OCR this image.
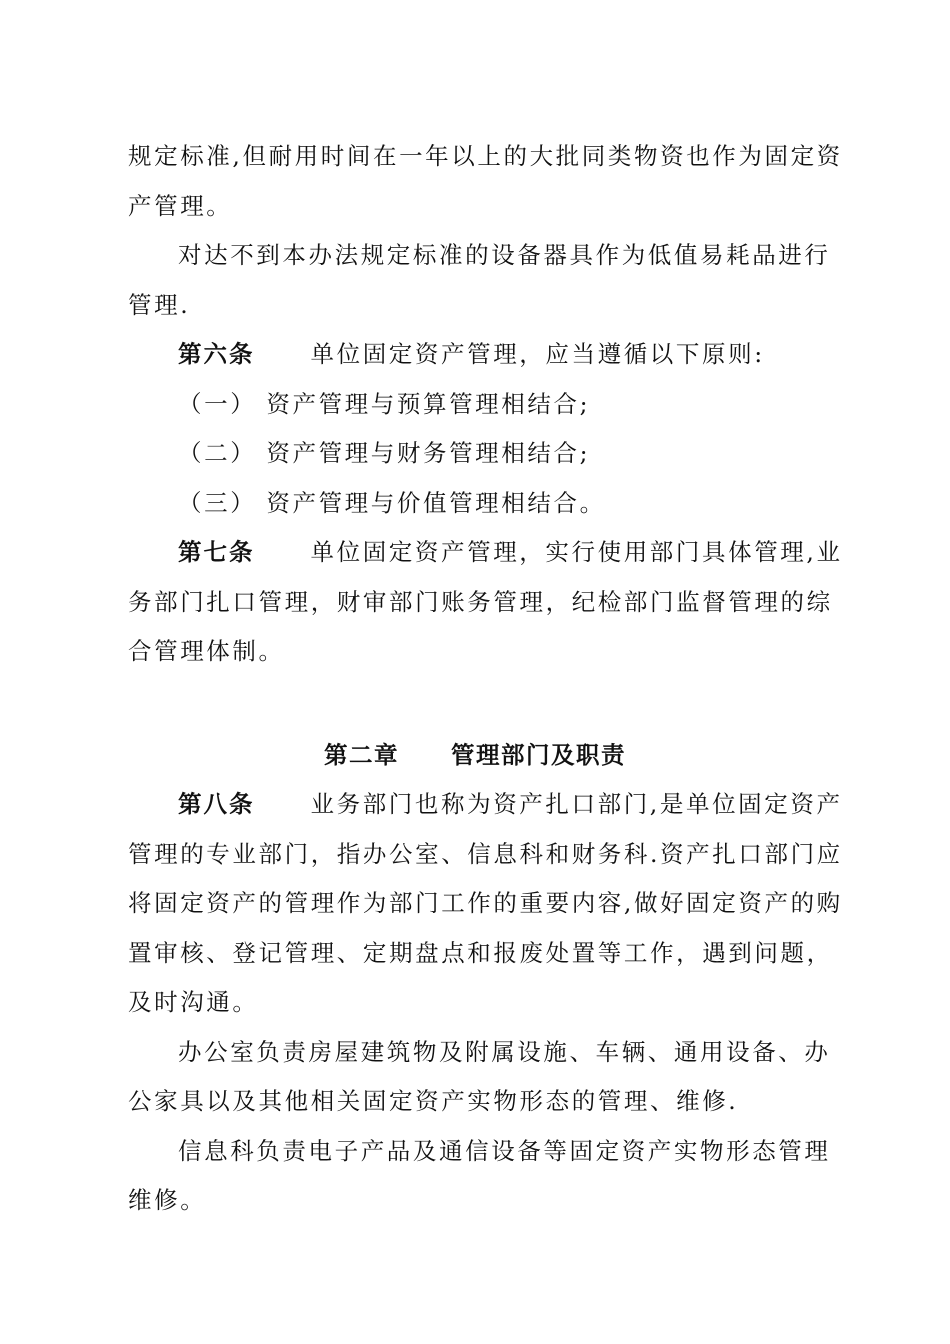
规定标准,但耐用时间在一年以上的大批同类物资也作为固定资
产管理。
对达不到本办法规定标准的设备器具作为低值易耗品进行
管理.
第六条 单位固定资产管理，应当遵循以下原则:
（一） 资产管理与预算管理相结合;
（二） 资产管理与财务管理相结合;
（三） 资产管理与价值管理相结合。
第七条 单位固定资产管理，实行使用部门具体管理,业
务部门扎口管理，财审部门账务管理，纪检部门监督管理的综
合管理体制。
第二章 管理部门及职责
第八条 业务部门也称为资产扎口部门,是单位固定资产
管理的专业部门，指办公室、信息科和财务科.资产扎口部门应
将固定资产的管理作为部门工作的重要内容,做好固定资产的购
置审核、登记管理、定期盘点和报废处置等工作，遇到问题，
及时沟通。
办公室负责房屋建筑物及附属设施、车辆、通用设备、办
公家具以及其他相关固定资产实物形态的管理、维修.
信息科负责电子产品及通信设备等固定资产实物形态管理
维修。
